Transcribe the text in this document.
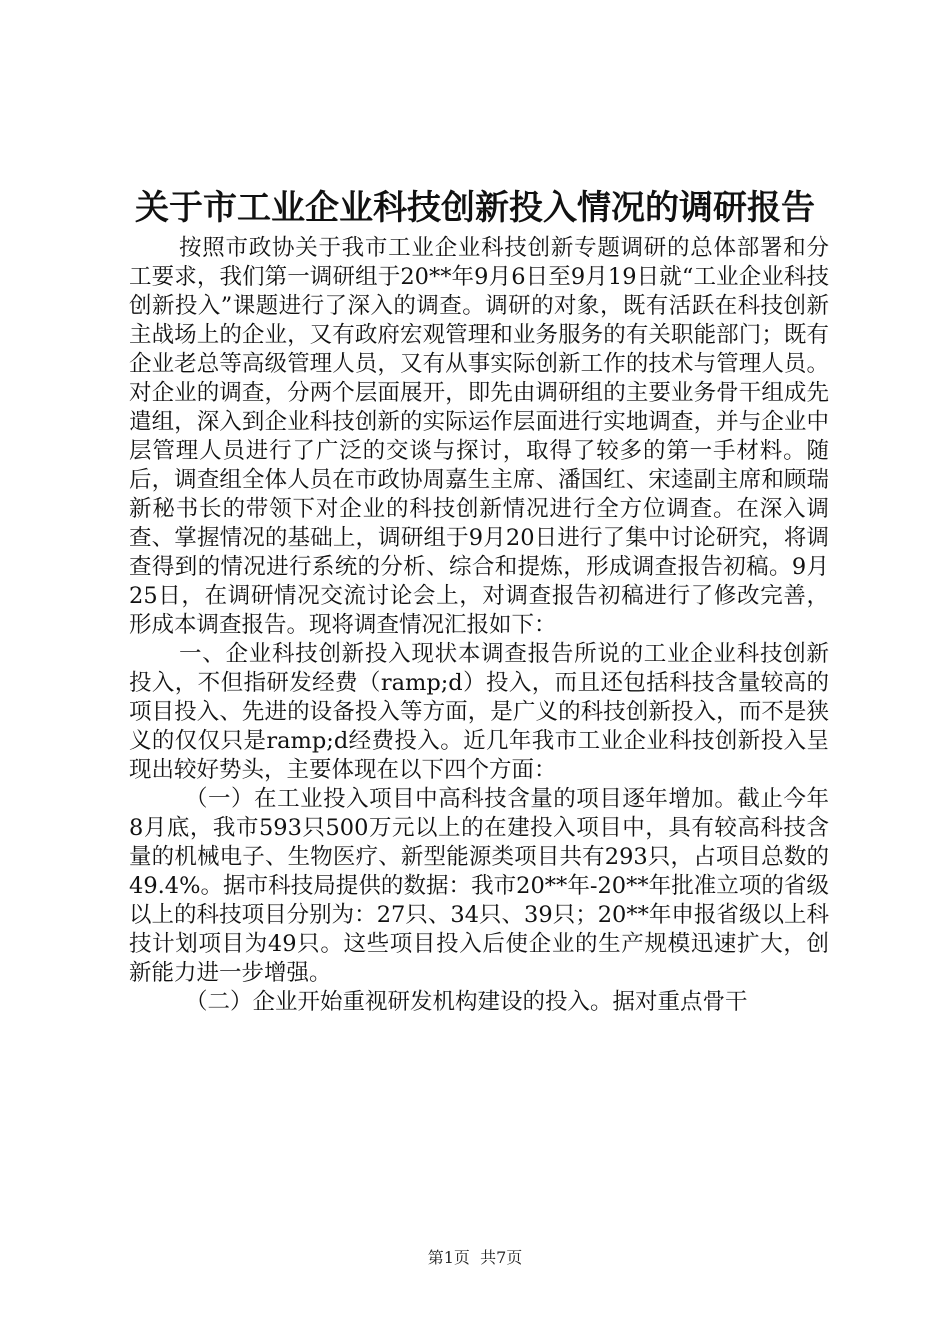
关于市工业企业科技创新投入情况的调研报告

按照市政协关于我市工业企业科技创新专题调研的总体部署和分工要求，我们第一调研组于20**年9月6日至9月19日就“工业企业科技创新投入”课题进行了深入的调查。调研的对象，既有活跃在科技创新主战场上的企业，又有政府宏观管理和业务服务的有关职能部门；既有企业老总等高级管理人员，又有从事实际创新工作的技术与管理人员。对企业的调查，分两个层面展开，即先由调研组的主要业务骨干组成先遣组，深入到企业科技创新的实际运作层面进行实地调查，并与企业中层管理人员进行了广泛的交谈与探讨，取得了较多的第一手材料。随后，调查组全体人员在市政协周嘉生主席、潘国红、宋逵副主席和顾瑞新秘书长的带领下对企业的科技创新情况进行全方位调查。在深入调查、掌握情况的基础上，调研组于9月20日进行了集中讨论研究，将调查得到的情况进行系统的分析、综合和提炼，形成调查报告初稿。9月25日，在调研情况交流讨论会上，对调查报告初稿进行了修改完善，形成本调查报告。现将调查情况汇报如下：

一、企业科技创新投入现状本调查报告所说的工业企业科技创新投入，不但指研发经费（ramp;d）投入，而且还包括科技含量较高的项目投入、先进的设备投入等方面，是广义的科技创新投入，而不是狭义的仅仅只是ramp;d经费投入。近几年我市工业企业科技创新投入呈现出较好势头，主要体现在以下四个方面：

（一）在工业投入项目中高科技含量的项目逐年增加。截止今年8月底，我市593只500万元以上的在建投入项目中，具有较高科技含量的机械电子、生物医疗、新型能源类项目共有293只，占项目总数的49.4%。据市科技局提供的数据：我市20**年-20**年批准立项的省级以上的科技项目分别为：27只、34只、39只；20**年申报省级以上科技计划项目为49只。这些项目投入后使企业的生产规模迅速扩大，创新能力进一步增强。

（二）企业开始重视研发机构建设的投入。据对重点骨干

第1页 共7页
